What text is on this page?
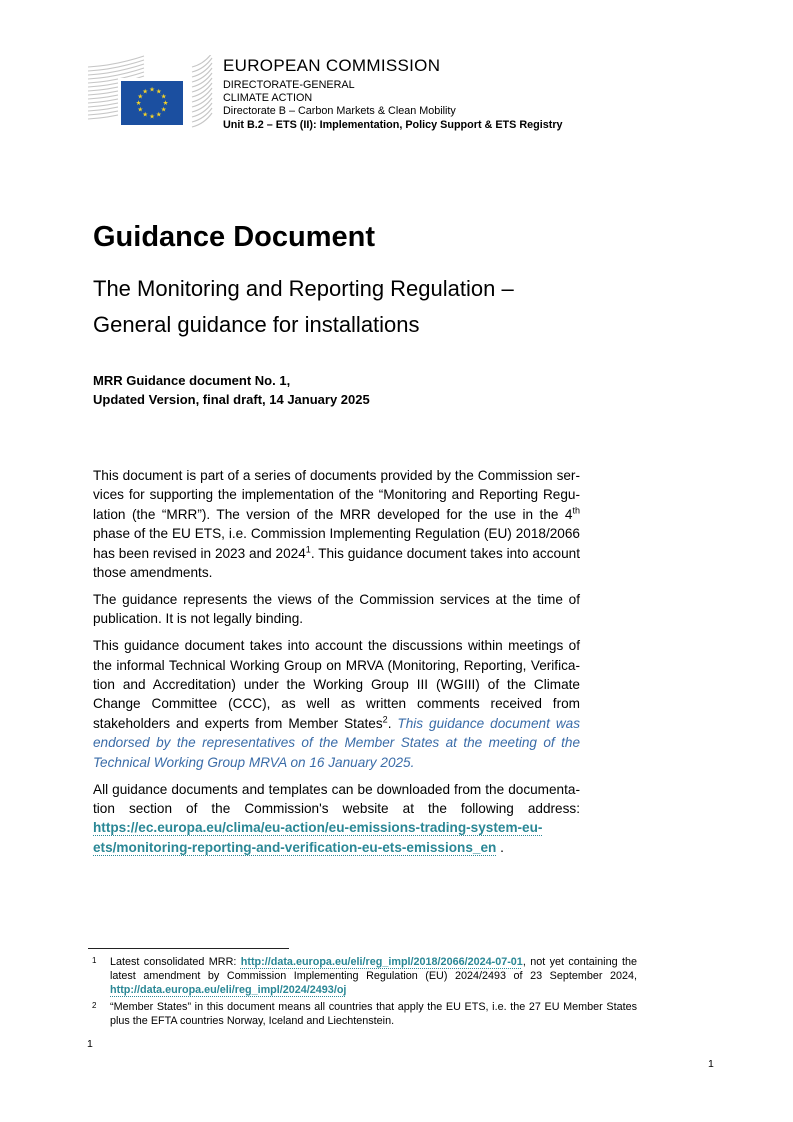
★ ★
★
★
★
★
★
★
★
★
★
★
EUROPEAN COMMISSION
DIRECTORATE-GENERAL
CLIMATE ACTION
Directorate B – Carbon Markets & Clean Mobility
Unit B.2 – ETS (II): Implementation, Policy Support & ETS Registry
Guidance Document
The Monitoring and Reporting Regulation –
General guidance for installations
MRR Guidance document No. 1,
Updated Version, final draft, 14 January 2025

This document is part of a series of documents provided by the Commission services for supporting the implementation of the “Monitoring and Reporting Regulation (the “MRR”). The version of the MRR developed for the use in the 4th phase of the EU ETS, i.e. Commission Implementing Regulation (EU) 2018/2066 has been revised in 2023 and 2024$^1$. This guidance document takes into account those amendments.

The guidance represents the views of the Commission services at the time of publication. It is not legally binding.

This guidance document takes into account the discussions within meetings of the informal Technical Working Group on MRVA (Monitoring, Reporting, Verification and Accreditation) under the Working Group III (WGIII) of the Climate Change Committee (CCC), as well as written comments received from stakeholders and experts from Member States$^2$. This guidance document was endorsed by the representatives of the Member States at the meeting of the Technical Working Group MRVA on 16 January 2025.

All guidance documents and templates can be downloaded from the documentation section of the Commission's website at the following address: https://ec.europa.eu/clima/eu-action/eu-emissions-trading-system-eu-ets/monitoring-reporting-and-verification-eu-ets-emissions_en .

1 Latest consolidated MRR: http://data.europa.eu/eli/reg_impl/2018/2066/2024-07-01, not yet containing the latest amendment by Commission Implementing Regulation (EU) 2024/2493 of 23 September 2024, http://data.europa.eu/eli/reg_impl/2024/2493/oj
2 “Member States” in this document means all countries that apply the EU ETS, i.e. the 27 EU Member States plus the EFTA countries Norway, Iceland and Liechtenstein.
1
1
